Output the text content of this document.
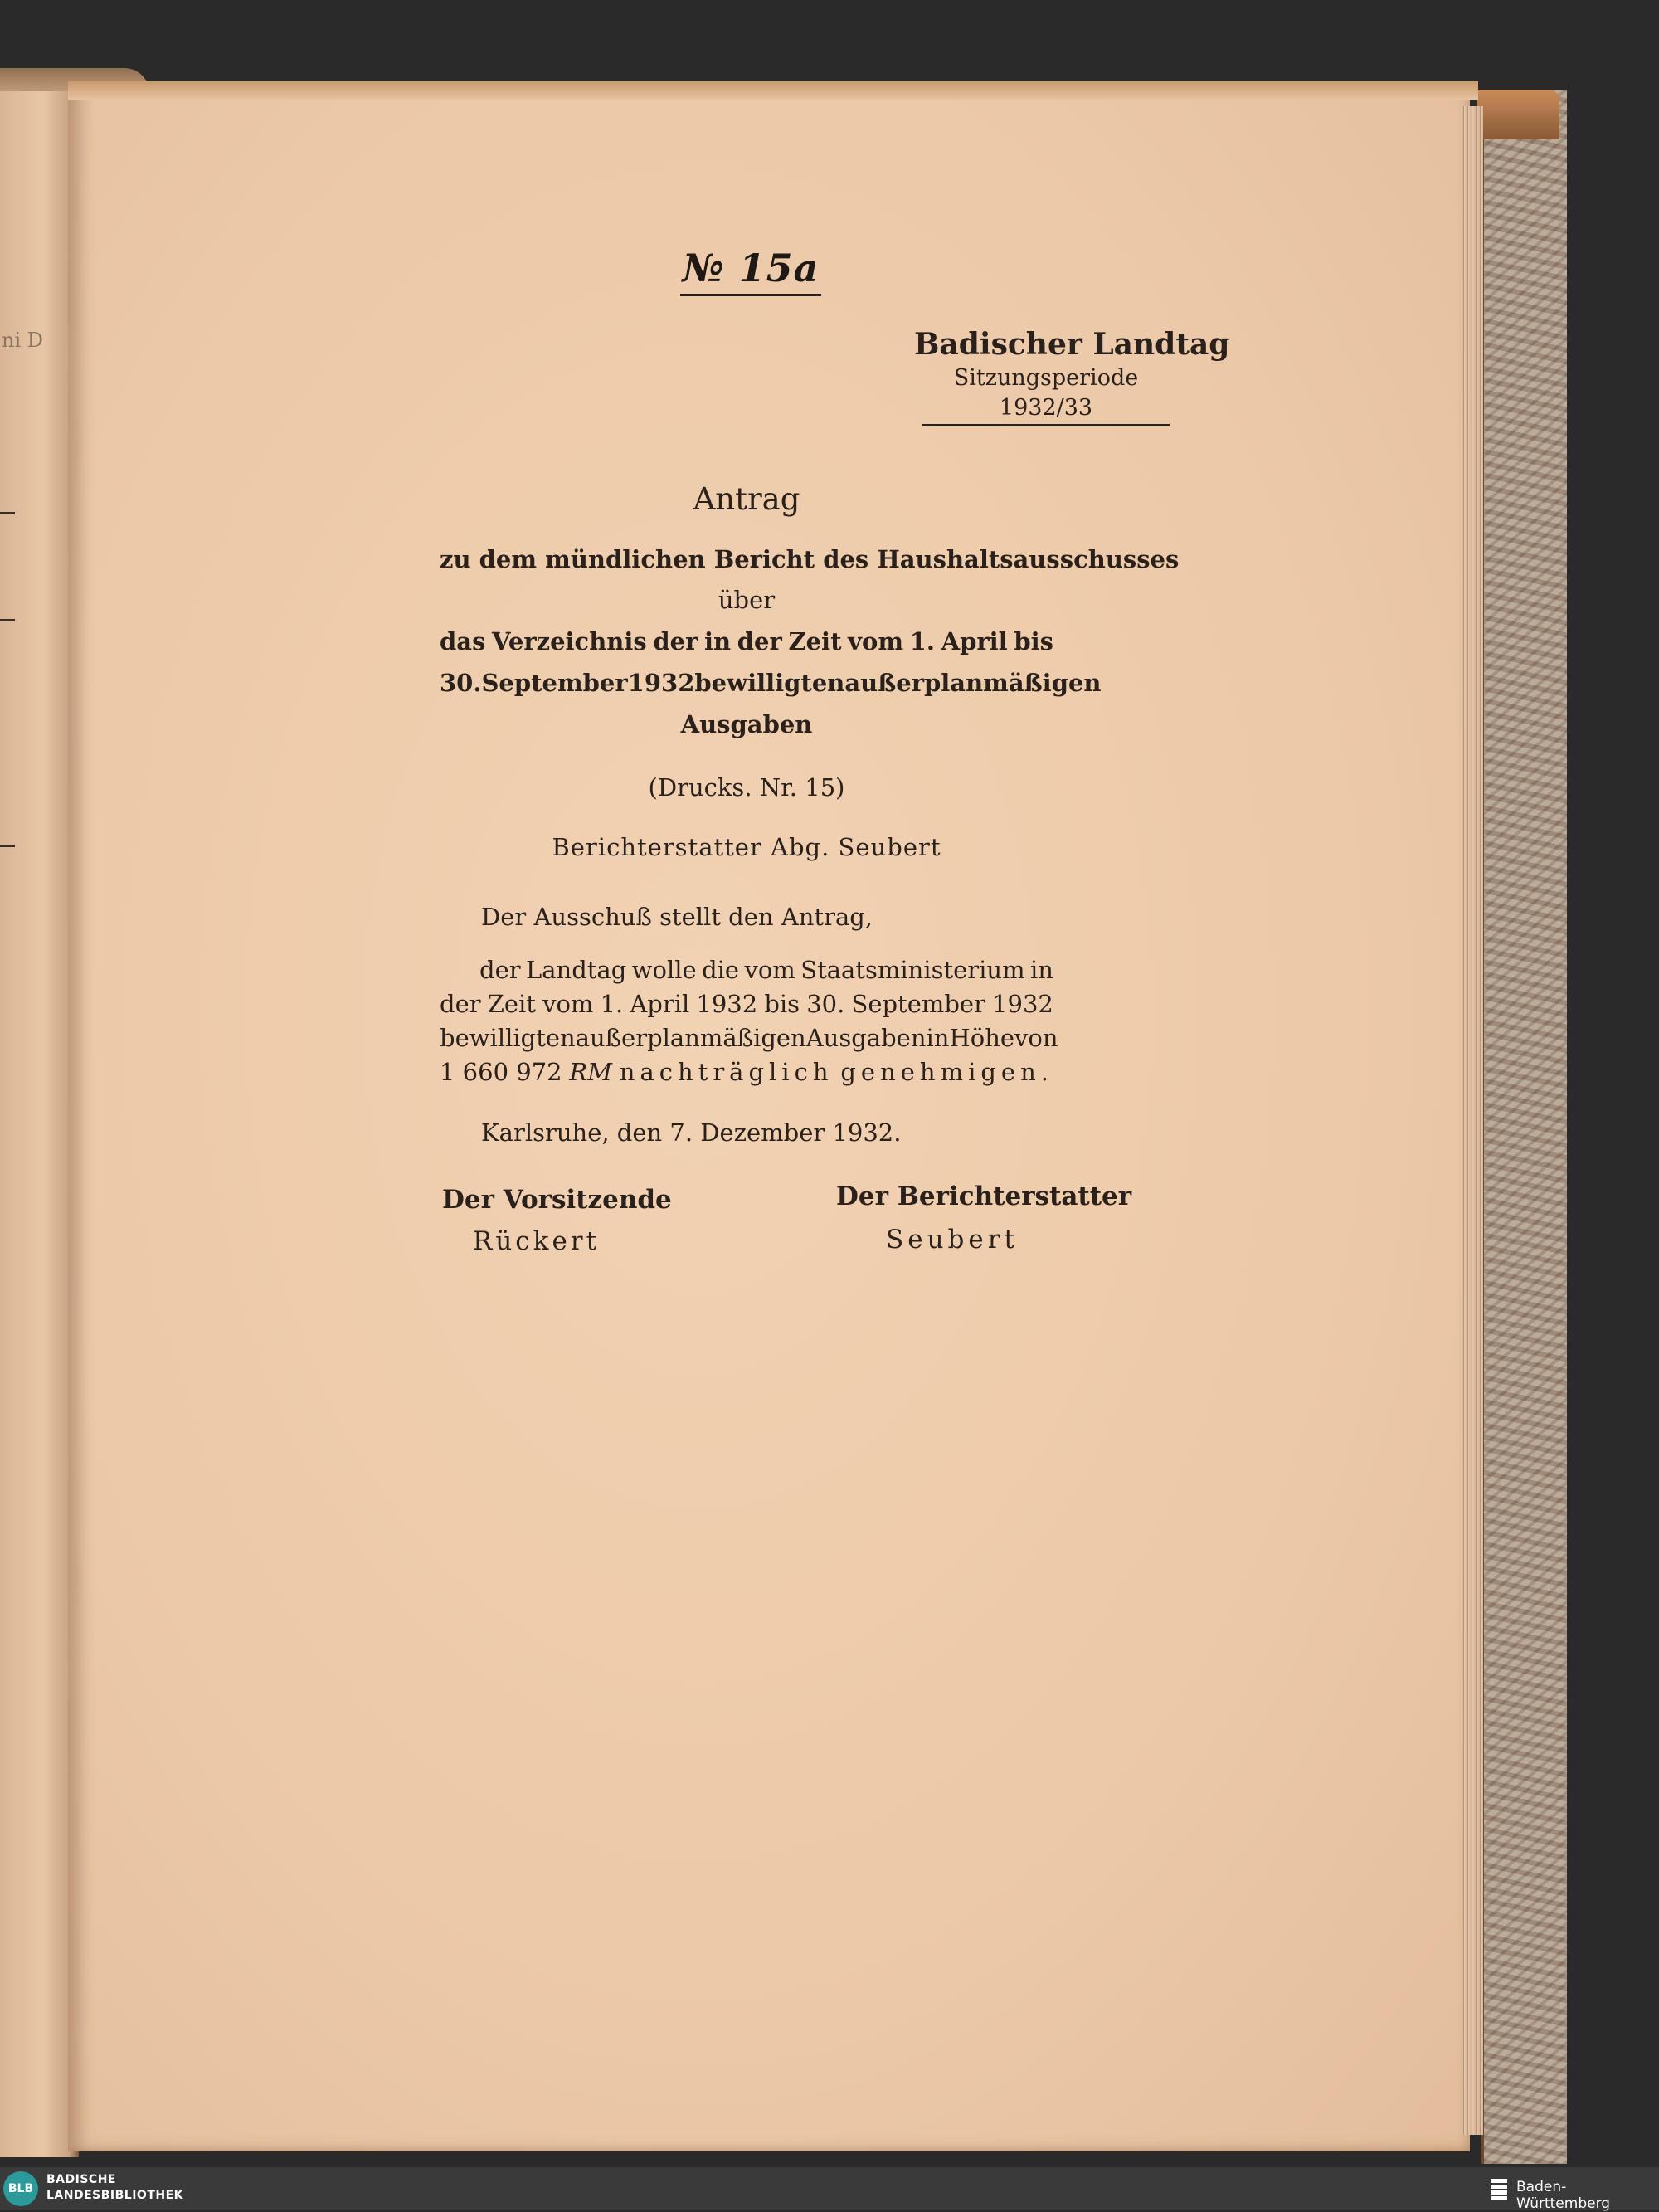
ni D
№ 15a
Badischer Landtag
Sitzungsperiode
1932/33
Antrag
zu dem mündlichen Bericht des Haushaltsausschusses
über
das Verzeichnis der in der Zeit vom 1. April bis
30. September 1932 bewilligten außerplanmäßigen
Ausgaben
(Drucks. Nr. 15)
Berichterstatter Abg. Seubert
Der Ausschuß stellt den Antrag,
der Landtag wolle die vom Staatsministerium in
der Zeit vom 1. April 1932 bis 30. September 1932
bewilligten außerplanmäßigen Ausgaben in Höhe von
1 660 972 RM nachträglich genehmigen.
Karlsruhe, den 7. Dezember 1932.
Der Vorsitzende
Rückert
Der Berichterstatter
Seubert
BLB
BADISCHE
LANDESBIBLIOTHEK	Baden-Württemberg
